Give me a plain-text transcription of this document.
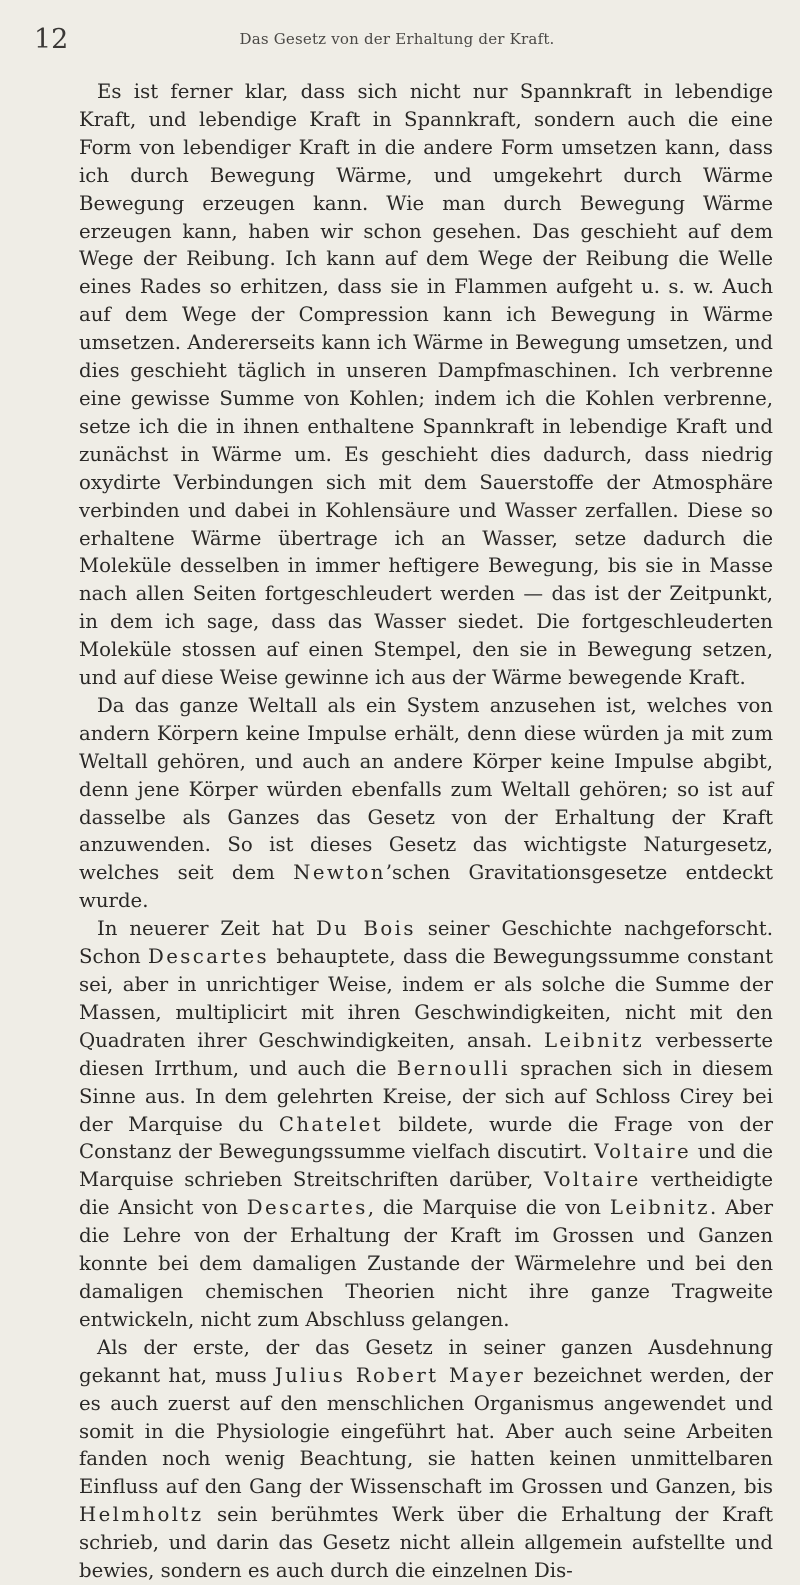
12	Das Gesetz von der Erhaltung der Kraft.

Es ist ferner klar, dass sich nicht nur Spannkraft in lebendige Kraft, und lebendige Kraft in Spannkraft, sondern auch die eine Form von lebendiger Kraft in die andere Form umsetzen kann, dass ich durch Bewegung Wärme, und umgekehrt durch Wärme Bewegung erzeugen kann. Wie man durch Bewegung Wärme erzeugen kann, haben wir schon gesehen. Das geschieht auf dem Wege der Reibung. Ich kann auf dem Wege der Reibung die Welle eines Rades so erhitzen, dass sie in Flammen aufgeht u. s. w. Auch auf dem Wege der Compression kann ich Bewegung in Wärme umsetzen. Andererseits kann ich Wärme in Bewegung umsetzen, und dies geschieht täglich in unseren Dampfmaschinen. Ich verbrenne eine gewisse Summe von Kohlen; indem ich die Kohlen verbrenne, setze ich die in ihnen enthaltene Spannkraft in lebendige Kraft und zunächst in Wärme um. Es geschieht dies dadurch, dass niedrig oxydirte Verbindungen sich mit dem Sauerstoffe der Atmosphäre verbinden und dabei in Kohlensäure und Wasser zerfallen. Diese so erhaltene Wärme übertrage ich an Wasser, setze dadurch die Moleküle desselben in immer heftigere Bewegung, bis sie in Masse nach allen Seiten fortgeschleudert werden — das ist der Zeitpunkt, in dem ich sage, dass das Wasser siedet. Die fortgeschleuderten Moleküle stossen auf einen Stempel, den sie in Bewegung setzen, und auf diese Weise gewinne ich aus der Wärme bewegende Kraft.

Da das ganze Weltall als ein System anzusehen ist, welches von andern Körpern keine Impulse erhält, denn diese würden ja mit zum Weltall gehören, und auch an andere Körper keine Impulse abgibt, denn jene Körper würden ebenfalls zum Weltall gehören; so ist auf dasselbe als Ganzes das Gesetz von der Erhaltung der Kraft anzuwenden. So ist dieses Gesetz das wichtigste Naturgesetz, welches seit dem Newton’schen Gravitationsgesetze entdeckt wurde.

In neuerer Zeit hat Du Bois seiner Geschichte nachgeforscht. Schon Descartes behauptete, dass die Bewegungssumme constant sei, aber in unrichtiger Weise, indem er als solche die Summe der Massen, multiplicirt mit ihren Geschwindigkeiten, nicht mit den Quadraten ihrer Geschwindigkeiten, ansah. Leibnitz verbesserte diesen Irrthum, und auch die Bernoulli sprachen sich in diesem Sinne aus. In dem gelehrten Kreise, der sich auf Schloss Cirey bei der Marquise du Chatelet bildete, wurde die Frage von der Constanz der Bewegungssumme vielfach discutirt. Voltaire und die Marquise schrieben Streitschriften darüber, Voltaire vertheidigte die Ansicht von Descartes, die Marquise die von Leibnitz. Aber die Lehre von der Erhaltung der Kraft im Grossen und Ganzen konnte bei dem damaligen Zustande der Wärmelehre und bei den damaligen chemischen Theorien nicht ihre ganze Tragweite entwickeln, nicht zum Abschluss gelangen.

Als der erste, der das Gesetz in seiner ganzen Ausdehnung gekannt hat, muss Julius Robert Mayer bezeichnet werden, der es auch zuerst auf den menschlichen Organismus angewendet und somit in die Physiologie eingeführt hat. Aber auch seine Arbeiten fanden noch wenig Beachtung, sie hatten keinen unmittelbaren Einfluss auf den Gang der Wissenschaft im Grossen und Ganzen, bis Helmholtz sein berühmtes Werk über die Erhaltung der Kraft schrieb, und darin das Gesetz nicht allein allgemein aufstellte und bewies, sondern es auch durch die einzelnen Dis-
